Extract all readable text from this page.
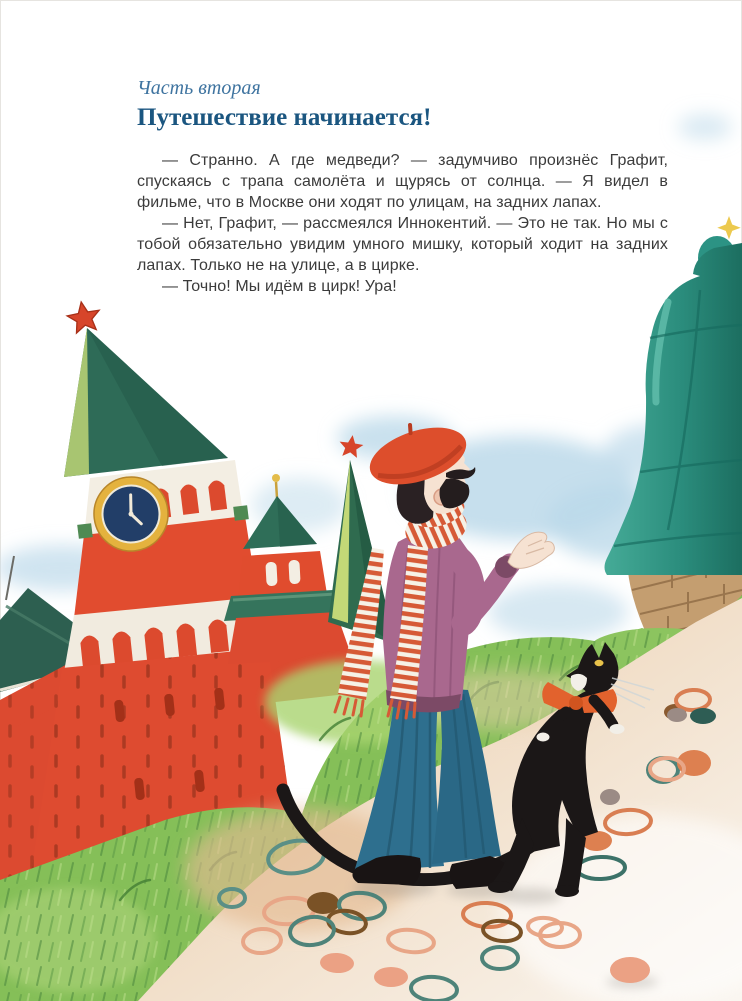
Часть вторая

Путешествие начинается!

— Странно. А где медведи? — задумчиво произнёс Графит, спускаясь с трапа самолёта и щурясь от солнца. — Я видел в фильме, что в Москве они ходят по улицам, на задних лапах.

— Нет, Графит, — рассмеялся Иннокентий. — Это не так. Но мы с тобой обязательно увидим умного мишку, который ходит на задних лапах. Только не на улице, а в цирке.

— Точно! Мы идём в цирк! Ура!
